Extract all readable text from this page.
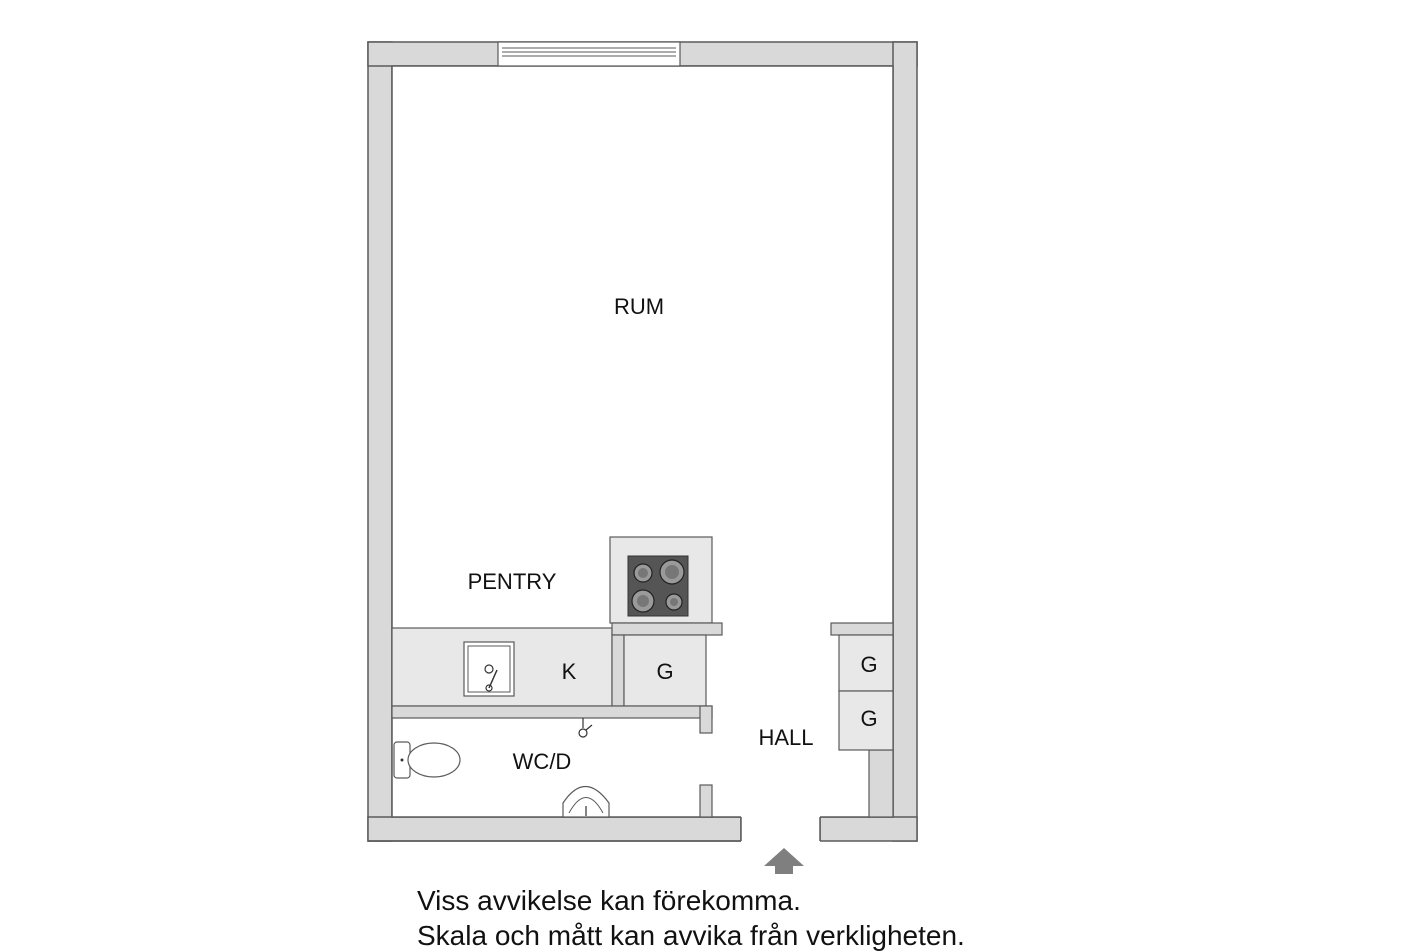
RUM
PENTRY
K	G	G
G
HALL
WC/D

Viss avvikelse kan förekomma.

Skala och mått kan avvika från verkligheten.
